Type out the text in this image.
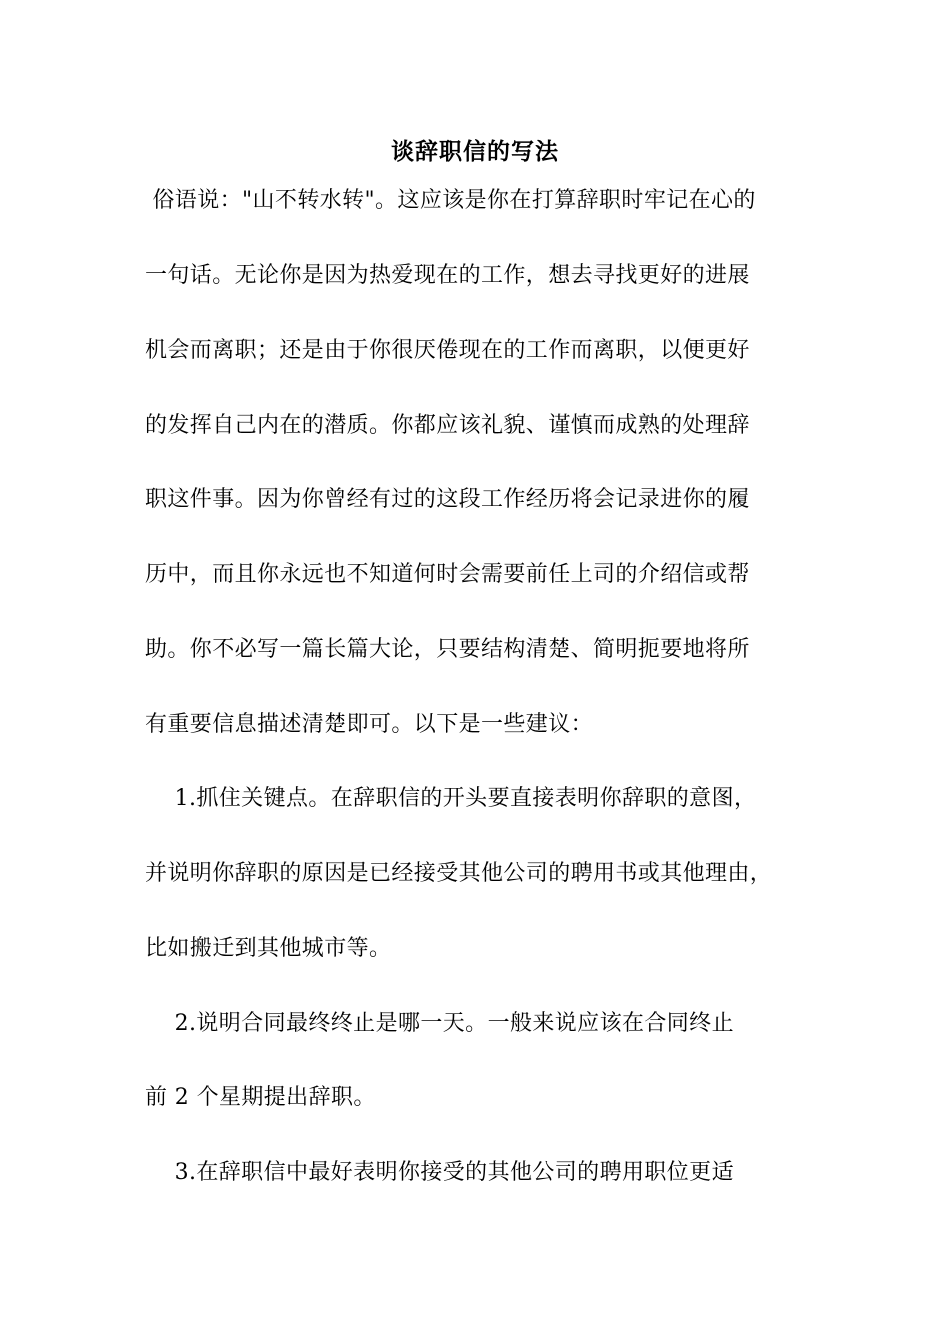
谈辞职信的写法
俗语说："山不转水转"。这应该是你在打算辞职时牢记在心的
一句话。无论你是因为热爱现在的工作，想去寻找更好的进展
机会而离职；还是由于你很厌倦现在的工作而离职，以便更好
的发挥自己内在的潜质。你都应该礼貌、谨慎而成熟的处理辞
职这件事。因为你曾经有过的这段工作经历将会记录进你的履
历中，而且你永远也不知道何时会需要前任上司的介绍信或帮
助。你不必写一篇长篇大论，只要结构清楚、简明扼要地将所
有重要信息描述清楚即可。以下是一些建议：
1.抓住关键点。在辞职信的开头要直接表明你辞职的意图，
并说明你辞职的原因是已经接受其他公司的聘用书或其他理由，
比如搬迁到其他城市等。
2.说明合同最终终止是哪一天。一般来说应该在合同终止
前 2 个星期提出辞职。
3.在辞职信中最好表明你接受的其他公司的聘用职位更适
